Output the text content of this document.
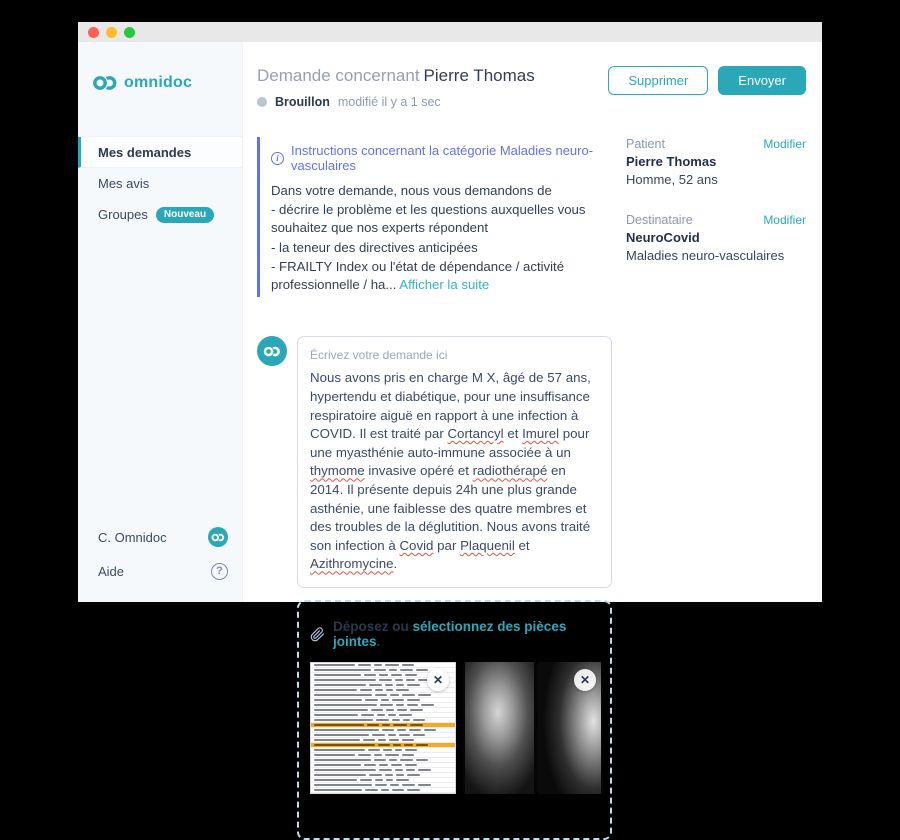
omnidoc
Mes demandes
Mes avis
Groupes	Nouveau
C. Omnidoc
Aide	?
Demande concernant Pierre Thomas
Brouillon modifié il y a 1 sec
Supprimer	Envoyer
i Instructions concernant la catégorie Maladies neuro-vasculaires
Dans votre demande, nous vous demandons de
- décrire le problème et les questions auxquelles vous souhaitez que nos experts répondent
- la teneur des directives anticipées
- FRAILTY Index ou l'état de dépendance / activité professionnelle / ha... Afficher la suite
Écrivez votre demande ici
Nous avons pris en charge M X, âgé de 57 ans, hypertendu et diabétique, pour une insuffisance respiratoire aiguë en rapport à une infection à COVID. Il est traité par Cortancyl et Imurel pour une myasthénie auto-immune associée à un thymome invasive opéré et radiothérapé en 2014. Il présente depuis 24h une plus grande asthénie, une faiblesse des quatre membres et des troubles de la déglutition. Nous avons traité son infection à Covid par Plaquenil et Azithromycine.
Déposez ou sélectionnez des pièces jointes.
✕	✕
Patient	Modifier
Pierre Thomas
Homme, 52 ans
Destinataire	Modifier
NeuroCovid
Maladies neuro-vasculaires
